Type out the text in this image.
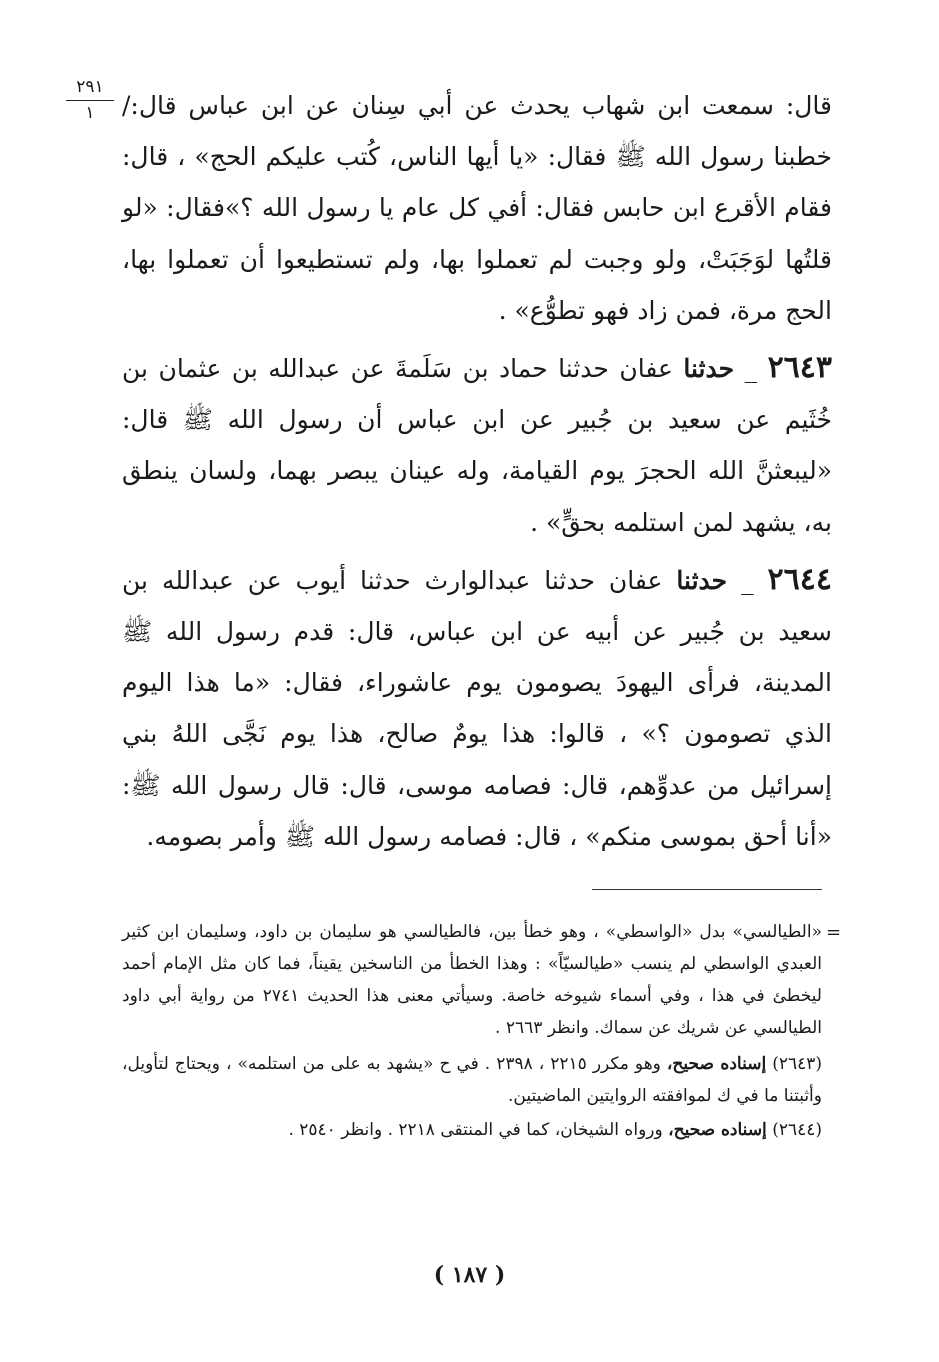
٢٩١
١	قال: سمعت ابن شهاب يحدث عن أبي سِنان عن ابن عباس قال:/ خطبنا رسول الله ﷺ فقال: «يا أيها الناس، كُتب عليكم الحج» ، قال: فقام الأقرع ابن حابس فقال: أفي كل عام يا رسول الله ؟»فقال: «لو قلتُها لوَجَبَتْ، ولو وجبت لم تعملوا بها، ولم تستطيعوا أن تعملوا بها، الحج مرة، فمن زاد فهو تطوُّع» .

٢٦٤٣ _ حدثنا عفان حدثنا حماد بن سَلَمةَ عن عبدالله بن عثمان بن خُثَيم عن سعيد بن جُبير عن ابن عباس أن رسول الله ﷺ قال: «ليبعثنَّ الله الحجرَ يوم القيامة، وله عينان يبصر بهما، ولسان ينطق به، يشهد لمن استلمه بحقٍّ» .

٢٦٤٤ _ حدثنا عفان حدثنا عبدالوارث حدثنا أيوب عن عبدالله بن سعيد بن جُبير عن أبيه عن ابن عباس، قال: قدم رسول الله ﷺ المدينة، فرأى اليهودَ يصومون يوم عاشوراء، فقال: «ما هذا اليوم الذي تصومون ؟» ، قالوا: هذا يومٌ صالح، هذا يوم نَجَّى اللهُ بني إسرائيل من عدوِّهم، قال: فصامه موسى، قال: قال رسول الله ﷺ: «أنا أحق بموسى منكم» ، قال: فصامه رسول الله ﷺ وأمر بصومه.

=

«الطيالسي» بدل «الواسطي» ، وهو خطأ بين، فالطيالسي هو سليمان بن داود، وسليمان ابن كثير العبدي الواسطي لم ينسب «طيالسيّاً» : وهذا الخطأ من الناسخين يقيناً، فما كان مثل الإمام أحمد ليخطئ في هذا ، وفي أسماء شيوخه خاصة. وسيأتي معنى هذا الحديث ٢٧٤١ من رواية أبي داود الطيالسي عن شريك عن سماك. وانظر ٢٦٦٣ .

(٢٦٤٣) إسناده صحيح، وهو مكرر ٢٢١٥ ، ٢٣٩٨ . في ح «يشهد به على من استلمه» ، ويحتاج لتأويل، وأثبتنا ما في ك لموافقته الروايتين الماضيتين.

(٢٦٤٤) إسناده صحيح، ورواه الشيخان، كما في المنتقى ٢٢١٨ . وانظر ٢٥٤٠ .

( ١٨٧ )
